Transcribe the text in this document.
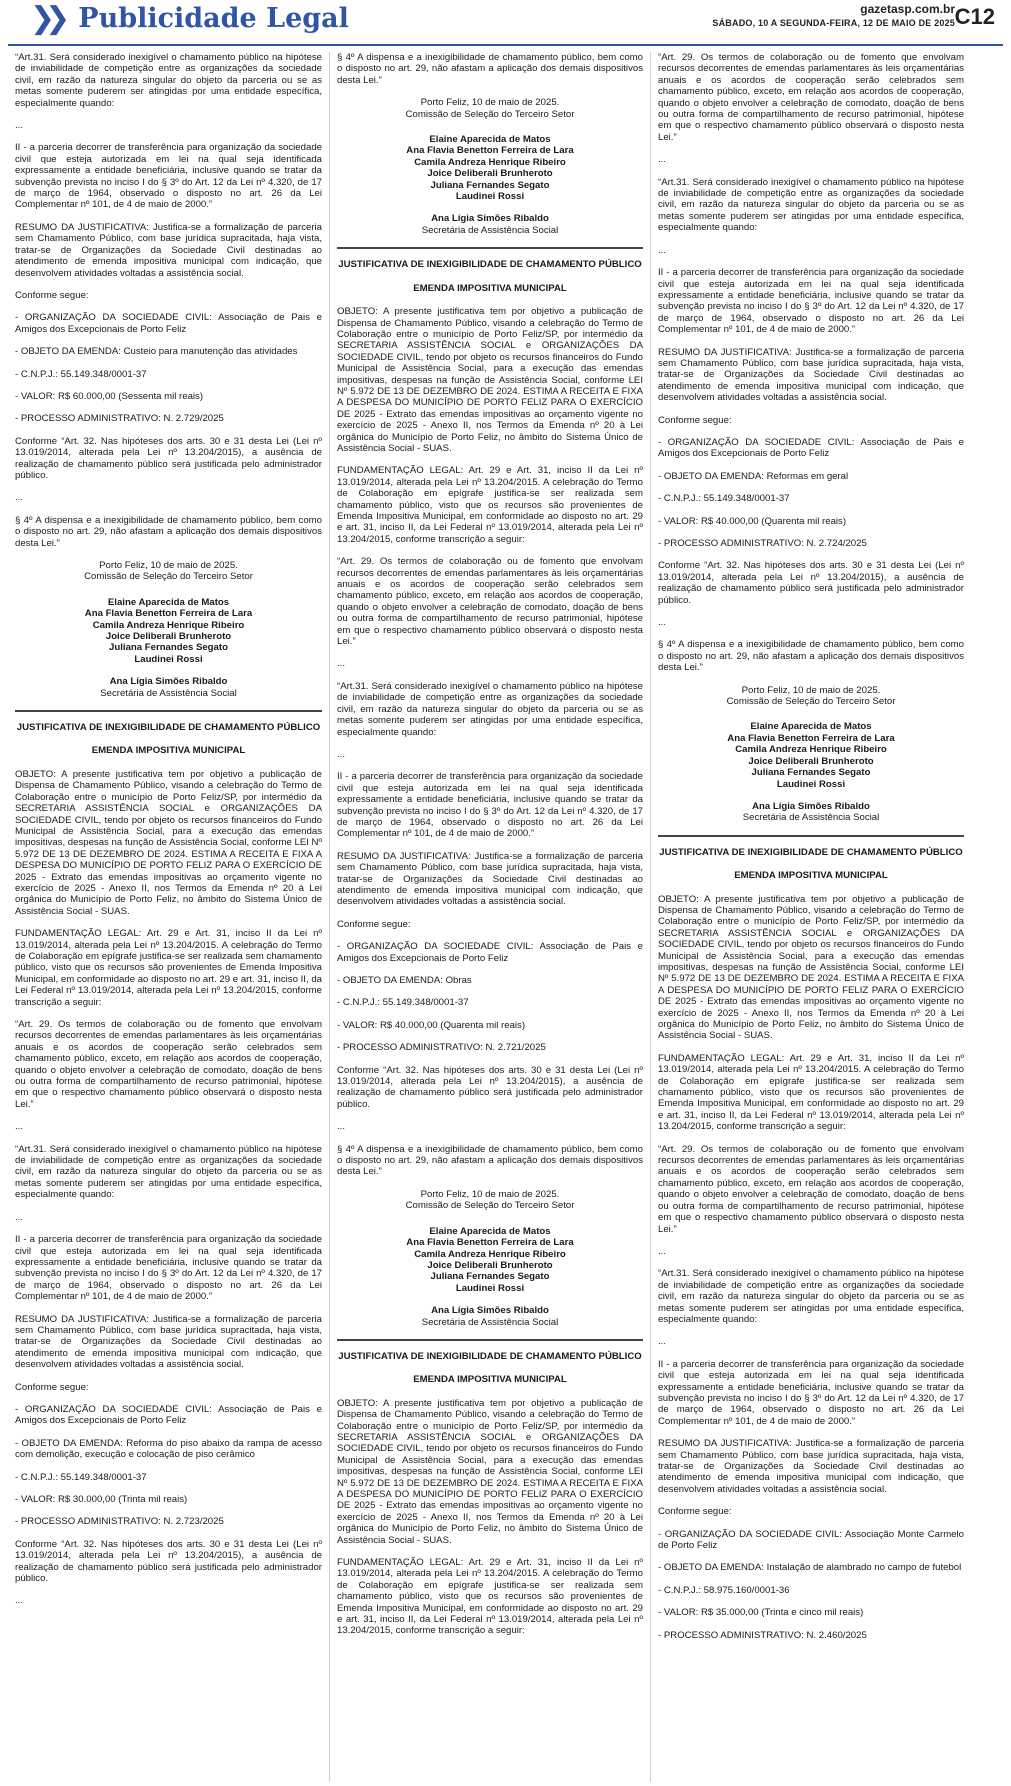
❯❯ Publicidade Legal	gazetasp.com.br
SÁBADO, 10 A SEGUNDA-FEIRA, 12 DE MAIO DE 2025 C12

“Art.31. Será considerado inexigível o chamamento público na hipótese de inviabilidade de competição entre as organizações da sociedade civil, em razão da natureza singular do objeto da parceria ou se as metas somente puderem ser atingidas por uma entidade específica, especialmente quando:

...

II - a parceria decorrer de transferência para organização da sociedade civil que esteja autorizada em lei na qual seja identificada expressamente a entidade beneficiária, inclusive quando se tratar da subvenção prevista no inciso I do § 3º do Art. 12 da Lei nº 4.320, de 17 de março de 1964, observado o disposto no art. 26 da Lei Complementar nº 101, de 4 de maio de 2000.”

RESUMO DA JUSTIFICATIVA: Justifica-se a formalização de parceria sem Chamamento Público, com base jurídica supracitada, haja vista, tratar-se de Organizações da Sociedade Civil destinadas ao atendimento de emenda impositiva municipal com indicação, que desenvolvem atividades voltadas a assistência social.

Conforme segue:

- ORGANIZAÇÃO DA SOCIEDADE CIVIL: Associação de Pais e Amigos dos Excepcionais de Porto Feliz

- OBJETO DA EMENDA: Custeio para manutenção das atividades

- C.N.P.J.: 55.149.348/0001-37

- VALOR: R$ 60.000,00 (Sessenta mil reais)

- PROCESSO ADMINISTRATIVO: N. 2.729/2025

Conforme “Art. 32. Nas hipóteses dos arts. 30 e 31 desta Lei (Lei nº 13.019/2014, alterada pela Lei nº 13.204/2015), a ausência de realização de chamamento público será justificada pelo administrador público.

...

§ 4º A dispensa e a inexigibilidade de chamamento público, bem como o disposto no art. 29, não afastam a aplicação dos demais dispositivos desta Lei.”

Porto Feliz, 10 de maio de 2025.
Comissão de Seleção do Terceiro Setor
Elaine Aparecida de Matos
Ana Flavia Benetton Ferreira de Lara
Camila Andreza Henrique Ribeiro
Joice Deliberali Brunheroto
Juliana Fernandes Segato
Laudinei Rossi
Ana Lígia Simões Ribaldo
Secretária de Assistência Social
JUSTIFICATIVA DE INEXIGIBILIDADE DE CHAMAMENTO PÚBLICO
EMENDA IMPOSITIVA MUNICIPAL

OBJETO: A presente justificativa tem por objetivo a publicação de Dispensa de Chamamento Público, visando a celebração do Termo de Colaboração entre o município de Porto Feliz/SP, por intermédio da SECRETARIA ASSISTÊNCIA SOCIAL e ORGANIZAÇÕES DA SOCIEDADE CIVIL, tendo por objeto os recursos financeiros do Fundo Municipal de Assistência Social, para a execução das emendas impositivas, despesas na função de Assistência Social, conforme LEI Nº 5.972 DE 13 DE DEZEMBRO DE 2024. ESTIMA A RECEITA E FIXA A DESPESA DO MUNICÍPIO DE PORTO FELIZ PARA O EXERCÍCIO DE 2025 - Extrato das emendas impositivas ao orçamento vigente no exercício de 2025 - Anexo II, nos Termos da Emenda nº 20 à Lei orgânica do Município de Porto Feliz, no âmbito do Sistema Único de Assistência Social - SUAS.

FUNDAMENTAÇÃO LEGAL: Art. 29 e Art. 31, inciso II da Lei nº 13.019/2014, alterada pela Lei nº 13.204/2015. A celebração do Termo de Colaboração em epígrafe justifica-se ser realizada sem chamamento público, visto que os recursos são provenientes de Emenda Impositiva Municipal, em conformidade ao disposto no art. 29 e art. 31, inciso II, da Lei Federal nº 13.019/2014, alterada pela Lei nº 13.204/2015, conforme transcrição a seguir:

“Art. 29. Os termos de colaboração ou de fomento que envolvam recursos decorrentes de emendas parlamentares às leis orçamentárias anuais e os acordos de cooperação serão celebrados sem chamamento público, exceto, em relação aos acordos de cooperação, quando o objeto envolver a celebração de comodato, doação de bens ou outra forma de compartilhamento de recurso patrimonial, hipótese em que o respectivo chamamento público observará o disposto nesta Lei.”

...

“Art.31. Será considerado inexigível o chamamento público na hipótese de inviabilidade de competição entre as organizações da sociedade civil, em razão da natureza singular do objeto da parceria ou se as metas somente puderem ser atingidas por uma entidade específica, especialmente quando:

...

II - a parceria decorrer de transferência para organização da sociedade civil que esteja autorizada em lei na qual seja identificada expressamente a entidade beneficiária, inclusive quando se tratar da subvenção prevista no inciso I do § 3º do Art. 12 da Lei nº 4.320, de 17 de março de 1964, observado o disposto no art. 26 da Lei Complementar nº 101, de 4 de maio de 2000.”

RESUMO DA JUSTIFICATIVA: Justifica-se a formalização de parceria sem Chamamento Público, com base jurídica supracitada, haja vista, tratar-se de Organizações da Sociedade Civil destinadas ao atendimento de emenda impositiva municipal com indicação, que desenvolvem atividades voltadas a assistência social.

Conforme segue:

- ORGANIZAÇÃO DA SOCIEDADE CIVIL: Associação de Pais e Amigos dos Excepcionais de Porto Feliz

- OBJETO DA EMENDA: Reforma do piso abaixo da rampa de acesso com demolição, execução e colocação de piso cerâmico

- C.N.P.J.: 55.149.348/0001-37

- VALOR: R$ 30.000,00 (Trinta mil reais)

- PROCESSO ADMINISTRATIVO: N. 2.723/2025

Conforme “Art. 32. Nas hipóteses dos arts. 30 e 31 desta Lei (Lei nº 13.019/2014, alterada pela Lei nº 13.204/2015), a ausência de realização de chamamento público será justificada pelo administrador público.

...

§ 4º A dispensa e a inexigibilidade de chamamento público, bem como o disposto no art. 29, não afastam a aplicação dos demais dispositivos desta Lei.”

Porto Feliz, 10 de maio de 2025.
Comissão de Seleção do Terceiro Setor
Elaine Aparecida de Matos
Ana Flavia Benetton Ferreira de Lara
Camila Andreza Henrique Ribeiro
Joice Deliberali Brunheroto
Juliana Fernandes Segato
Laudinei Rossi
Ana Lígia Simões Ribaldo
Secretária de Assistência Social
JUSTIFICATIVA DE INEXIGIBILIDADE DE CHAMAMENTO PÚBLICO
EMENDA IMPOSITIVA MUNICIPAL

OBJETO: A presente justificativa tem por objetivo a publicação de Dispensa de Chamamento Público, visando a celebração do Termo de Colaboração entre o município de Porto Feliz/SP, por intermédio da SECRETARIA ASSISTÊNCIA SOCIAL e ORGANIZAÇÕES DA SOCIEDADE CIVIL, tendo por objeto os recursos financeiros do Fundo Municipal de Assistência Social, para a execução das emendas impositivas, despesas na função de Assistência Social, conforme LEI Nº 5.972 DE 13 DE DEZEMBRO DE 2024. ESTIMA A RECEITA E FIXA A DESPESA DO MUNICÍPIO DE PORTO FELIZ PARA O EXERCÍCIO DE 2025 - Extrato das emendas impositivas ao orçamento vigente no exercício de 2025 - Anexo II, nos Termos da Emenda nº 20 à Lei orgânica do Município de Porto Feliz, no âmbito do Sistema Único de Assistência Social - SUAS.

FUNDAMENTAÇÃO LEGAL: Art. 29 e Art. 31, inciso II da Lei nº 13.019/2014, alterada pela Lei nº 13.204/2015. A celebração do Termo de Colaboração em epígrafe justifica-se ser realizada sem chamamento público, visto que os recursos são provenientes de Emenda Impositiva Municipal, em conformidade ao disposto no art. 29 e art. 31, inciso II, da Lei Federal nº 13.019/2014, alterada pela Lei nº 13.204/2015, conforme transcrição a seguir:

“Art. 29. Os termos de colaboração ou de fomento que envolvam recursos decorrentes de emendas parlamentares às leis orçamentárias anuais e os acordos de cooperação serão celebrados sem chamamento público, exceto, em relação aos acordos de cooperação, quando o objeto envolver a celebração de comodato, doação de bens ou outra forma de compartilhamento de recurso patrimonial, hipótese em que o respectivo chamamento público observará o disposto nesta Lei.”

...

“Art.31. Será considerado inexigível o chamamento público na hipótese de inviabilidade de competição entre as organizações da sociedade civil, em razão da natureza singular do objeto da parceria ou se as metas somente puderem ser atingidas por uma entidade específica, especialmente quando:

...

II - a parceria decorrer de transferência para organização da sociedade civil que esteja autorizada em lei na qual seja identificada expressamente a entidade beneficiária, inclusive quando se tratar da subvenção prevista no inciso I do § 3º do Art. 12 da Lei nº 4.320, de 17 de março de 1964, observado o disposto no art. 26 da Lei Complementar nº 101, de 4 de maio de 2000.”

RESUMO DA JUSTIFICATIVA: Justifica-se a formalização de parceria sem Chamamento Público, com base jurídica supracitada, haja vista, tratar-se de Organizações da Sociedade Civil destinadas ao atendimento de emenda impositiva municipal com indicação, que desenvolvem atividades voltadas a assistência social.

Conforme segue:

- ORGANIZAÇÃO DA SOCIEDADE CIVIL: Associação de Pais e Amigos dos Excepcionais de Porto Feliz

- OBJETO DA EMENDA: Obras

- C.N.P.J.: 55.149.348/0001-37

- VALOR: R$ 40.000,00 (Quarenta mil reais)

- PROCESSO ADMINISTRATIVO: N. 2.721/2025

Conforme “Art. 32. Nas hipóteses dos arts. 30 e 31 desta Lei (Lei nº 13.019/2014, alterada pela Lei nº 13.204/2015), a ausência de realização de chamamento público será justificada pelo administrador público.

...

§ 4º A dispensa e a inexigibilidade de chamamento público, bem como o disposto no art. 29, não afastam a aplicação dos demais dispositivos desta Lei.”

Porto Feliz, 10 de maio de 2025.
Comissão de Seleção do Terceiro Setor
Elaine Aparecida de Matos
Ana Flavia Benetton Ferreira de Lara
Camila Andreza Henrique Ribeiro
Joice Deliberali Brunheroto
Juliana Fernandes Segato
Laudinei Rossi
Ana Lígia Simões Ribaldo
Secretária de Assistência Social
JUSTIFICATIVA DE INEXIGIBILIDADE DE CHAMAMENTO PÚBLICO
EMENDA IMPOSITIVA MUNICIPAL

OBJETO: A presente justificativa tem por objetivo a publicação de Dispensa de Chamamento Público, visando a celebração do Termo de Colaboração entre o município de Porto Feliz/SP, por intermédio da SECRETARIA ASSISTÊNCIA SOCIAL e ORGANIZAÇÕES DA SOCIEDADE CIVIL, tendo por objeto os recursos financeiros do Fundo Municipal de Assistência Social, para a execução das emendas impositivas, despesas na função de Assistência Social, conforme LEI Nº 5.972 DE 13 DE DEZEMBRO DE 2024. ESTIMA A RECEITA E FIXA A DESPESA DO MUNICÍPIO DE PORTO FELIZ PARA O EXERCÍCIO DE 2025 - Extrato das emendas impositivas ao orçamento vigente no exercício de 2025 - Anexo II, nos Termos da Emenda nº 20 à Lei orgânica do Município de Porto Feliz, no âmbito do Sistema Único de Assistência Social - SUAS.

FUNDAMENTAÇÃO LEGAL: Art. 29 e Art. 31, inciso II da Lei nº 13.019/2014, alterada pela Lei nº 13.204/2015. A celebração do Termo de Colaboração em epígrafe justifica-se ser realizada sem chamamento público, visto que os recursos são provenientes de Emenda Impositiva Municipal, em conformidade ao disposto no art. 29 e art. 31, inciso II, da Lei Federal nº 13.019/2014, alterada pela Lei nº 13.204/2015, conforme transcrição a seguir:

“Art. 29. Os termos de colaboração ou de fomento que envolvam recursos decorrentes de emendas parlamentares às leis orçamentárias anuais e os acordos de cooperação serão celebrados sem chamamento público, exceto, em relação aos acordos de cooperação, quando o objeto envolver a celebração de comodato, doação de bens ou outra forma de compartilhamento de recurso patrimonial, hipótese em que o respectivo chamamento público observará o disposto nesta Lei.”

...

“Art.31. Será considerado inexigível o chamamento público na hipótese de inviabilidade de competição entre as organizações da sociedade civil, em razão da natureza singular do objeto da parceria ou se as metas somente puderem ser atingidas por uma entidade específica, especialmente quando:

...

II - a parceria decorrer de transferência para organização da sociedade civil que esteja autorizada em lei na qual seja identificada expressamente a entidade beneficiária, inclusive quando se tratar da subvenção prevista no inciso I do § 3º do Art. 12 da Lei nº 4.320, de 17 de março de 1964, observado o disposto no art. 26 da Lei Complementar nº 101, de 4 de maio de 2000.”

RESUMO DA JUSTIFICATIVA: Justifica-se a formalização de parceria sem Chamamento Público, com base jurídica supracitada, haja vista, tratar-se de Organizações da Sociedade Civil destinadas ao atendimento de emenda impositiva municipal com indicação, que desenvolvem atividades voltadas a assistência social.

Conforme segue:

- ORGANIZAÇÃO DA SOCIEDADE CIVIL: Associação de Pais e Amigos dos Excepcionais de Porto Feliz

- OBJETO DA EMENDA: Reformas em geral

- C.N.P.J.: 55.149.348/0001-37

- VALOR: R$ 40.000,00 (Quarenta mil reais)

- PROCESSO ADMINISTRATIVO: N. 2.724/2025

Conforme “Art. 32. Nas hipóteses dos arts. 30 e 31 desta Lei (Lei nº 13.019/2014, alterada pela Lei nº 13.204/2015), a ausência de realização de chamamento público será justificada pelo administrador público.

...

§ 4º A dispensa e a inexigibilidade de chamamento público, bem como o disposto no art. 29, não afastam a aplicação dos demais dispositivos desta Lei.”

Porto Feliz, 10 de maio de 2025.
Comissão de Seleção do Terceiro Setor
Elaine Aparecida de Matos
Ana Flavia Benetton Ferreira de Lara
Camila Andreza Henrique Ribeiro
Joice Deliberali Brunheroto
Juliana Fernandes Segato
Laudinei Rossi
Ana Lígia Simões Ribaldo
Secretária de Assistência Social
JUSTIFICATIVA DE INEXIGIBILIDADE DE CHAMAMENTO PÚBLICO
EMENDA IMPOSITIVA MUNICIPAL

OBJETO: A presente justificativa tem por objetivo a publicação de Dispensa de Chamamento Público, visando a celebração do Termo de Colaboração entre o município de Porto Feliz/SP, por intermédio da SECRETARIA ASSISTÊNCIA SOCIAL e ORGANIZAÇÕES DA SOCIEDADE CIVIL, tendo por objeto os recursos financeiros do Fundo Municipal de Assistência Social, para a execução das emendas impositivas, despesas na função de Assistência Social, conforme LEI Nº 5.972 DE 13 DE DEZEMBRO DE 2024. ESTIMA A RECEITA E FIXA A DESPESA DO MUNICÍPIO DE PORTO FELIZ PARA O EXERCÍCIO DE 2025 - Extrato das emendas impositivas ao orçamento vigente no exercício de 2025 - Anexo II, nos Termos da Emenda nº 20 à Lei orgânica do Município de Porto Feliz, no âmbito do Sistema Único de Assistência Social - SUAS.

FUNDAMENTAÇÃO LEGAL: Art. 29 e Art. 31, inciso II da Lei nº 13.019/2014, alterada pela Lei nº 13.204/2015. A celebração do Termo de Colaboração em epígrafe justifica-se ser realizada sem chamamento público, visto que os recursos são provenientes de Emenda Impositiva Municipal, em conformidade ao disposto no art. 29 e art. 31, inciso II, da Lei Federal nº 13.019/2014, alterada pela Lei nº 13.204/2015, conforme transcrição a seguir:

“Art. 29. Os termos de colaboração ou de fomento que envolvam recursos decorrentes de emendas parlamentares às leis orçamentárias anuais e os acordos de cooperação serão celebrados sem chamamento público, exceto, em relação aos acordos de cooperação, quando o objeto envolver a celebração de comodato, doação de bens ou outra forma de compartilhamento de recurso patrimonial, hipótese em que o respectivo chamamento público observará o disposto nesta Lei.”

...

“Art.31. Será considerado inexigível o chamamento público na hipótese de inviabilidade de competição entre as organizações da sociedade civil, em razão da natureza singular do objeto da parceria ou se as metas somente puderem ser atingidas por uma entidade específica, especialmente quando:

...

II - a parceria decorrer de transferência para organização da sociedade civil que esteja autorizada em lei na qual seja identificada expressamente a entidade beneficiária, inclusive quando se tratar da subvenção prevista no inciso I do § 3º do Art. 12 da Lei nº 4.320, de 17 de março de 1964, observado o disposto no art. 26 da Lei Complementar nº 101, de 4 de maio de 2000.”

RESUMO DA JUSTIFICATIVA: Justifica-se a formalização de parceria sem Chamamento Público, com base jurídica supracitada, haja vista, tratar-se de Organizações da Sociedade Civil destinadas ao atendimento de emenda impositiva municipal com indicação, que desenvolvem atividades voltadas a assistência social.

Conforme segue:

- ORGANIZAÇÃO DA SOCIEDADE CIVIL: Associação Monte Carmelo de Porto Feliz

- OBJETO DA EMENDA: Instalação de alambrado no campo de futebol

- C.N.P.J.: 58.975.160/0001-36

- VALOR: R$ 35.000,00 (Trinta e cinco mil reais)

- PROCESSO ADMINISTRATIVO: N. 2.460/2025
